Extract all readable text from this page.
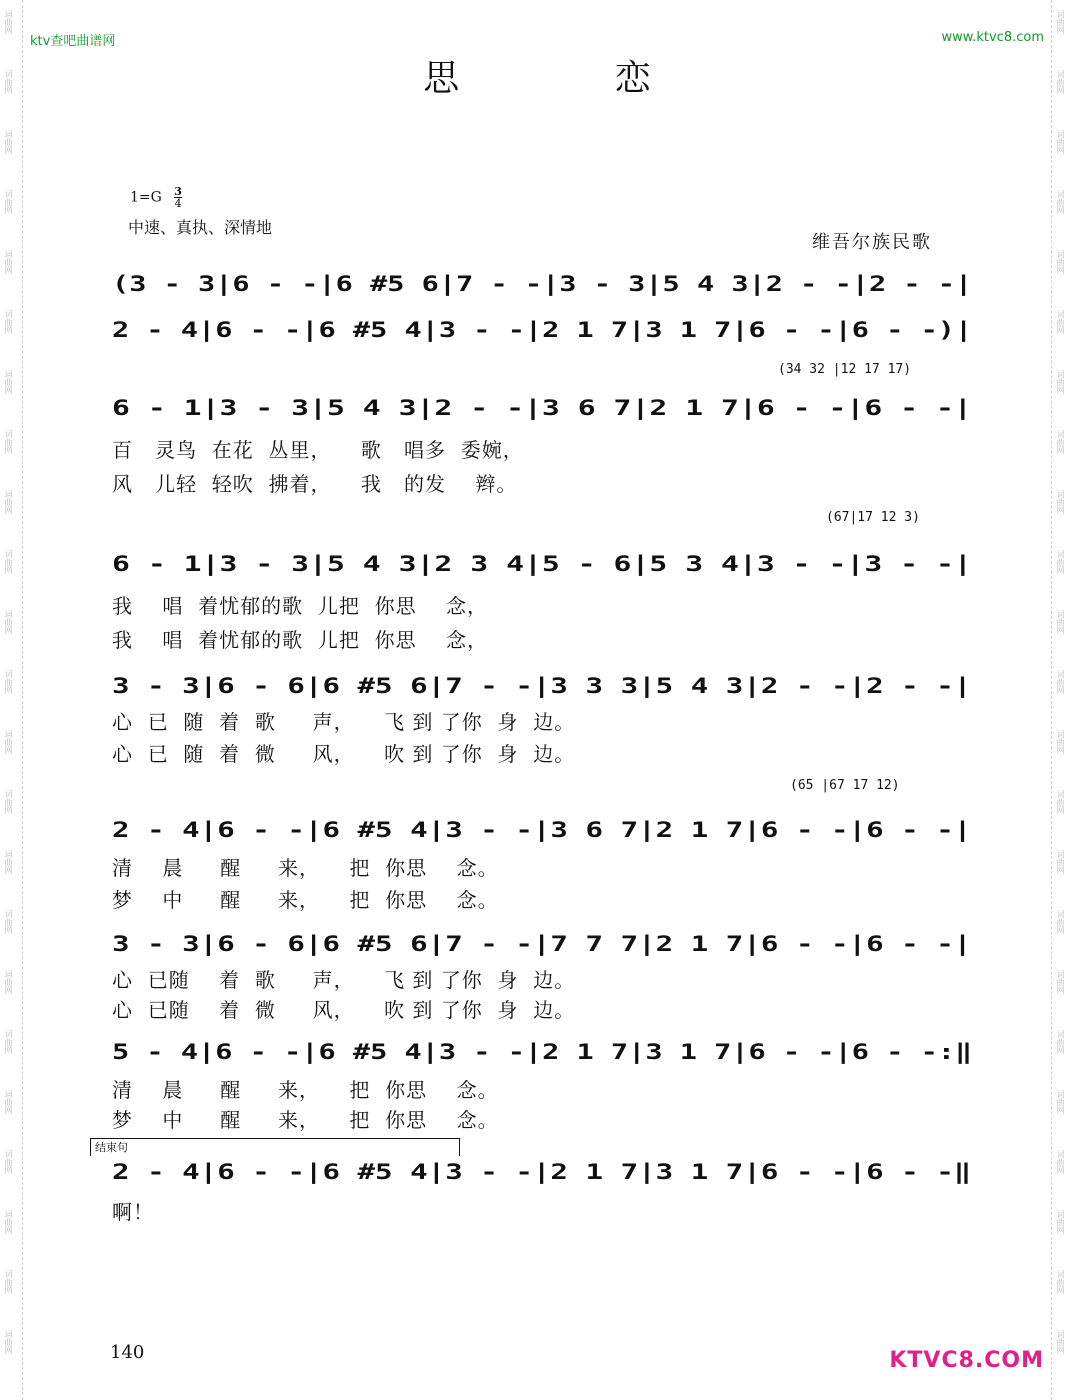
词曲网
词曲网
词曲网
词曲网
词曲网
词曲网
词曲网
词曲网
词曲网
词曲网
词曲网
词曲网
词曲网
词曲网
词曲网
词曲网
词曲网
词曲网
词曲网
词曲网
词曲网
词曲网
词曲网
词曲网
词曲网
词曲网
词曲网
词曲网
词曲网
词曲网
词曲网
词曲网
词曲网
词曲网
词曲网
词曲网
词曲网
词曲网
词曲网
词曲网
词曲网
词曲网
词曲网
词曲网
词曲网
词曲网
ktv查吧曲谱网	www.ktvc8.com
思 恋
$1=G \frac{3}{4}$
中速、真执、深情地
维吾尔族民歌
(3 - 3|6 - -|6 #5 6|7 - -|3 - 3|5 4 3|2 - -|2 - -|
2 - 4|6 - -|6 #5 4|3 - -|2 1 7|3 1 7|6 - -|6 - -)|
(34 32 |12 17 17)
6 - 1|3 - 3|5 4 3|2 - -|3 6 7|2 1 7|6 - -|6 - -|
百   灵鸟  在花  丛里，    歌   唱多  委婉，
风   儿轻  轻吹  拂着，    我   的发    辫。
(67|17 12 3)
6 - 1|3 - 3|5 4 3|2 3 4|5 - 6|5 3 4|3 - -|3 - -|
我    唱  着忧郁的歌  儿把  你思    念，
我    唱  着忧郁的歌  儿把  你思    念，
3 - 3|6 - 6|6 #5 6|7 - -|3 3 3|5 4 3|2 - -|2 - -|
心  已  随  着  歌     声，    飞 到 了你  身  边。
心  已  随  着  微     风，    吹 到 了你  身  边。
(65 |67 17 12)
2 - 4|6 - -|6 #5 4|3 - -|3 6 7|2 1 7|6 - -|6 - -|
清    晨     醒     来，    把  你思    念。
梦    中     醒     来，    把  你思    念。
3 - 3|6 - 6|6 #5 6|7 - -|7 7 7|2 1 7|6 - -|6 - -|
心  已随    着  歌     声，    飞 到 了你  身  边。
心  已随    着  微     风，    吹 到 了你  身  边。
5 - 4|6 - -|6 #5 4|3 - -|2 1 7|3 1 7|6 - -|6 - -:‖
清    晨     醒     来，    把  你思    念。
梦    中     醒     来，    把  你思    念。
结束句
2 - 4|6 - -|6 #5 4|3 - -|2 1 7|3 1 7|6 - -|6 - -‖
啊！
140	KTVC8.COM
